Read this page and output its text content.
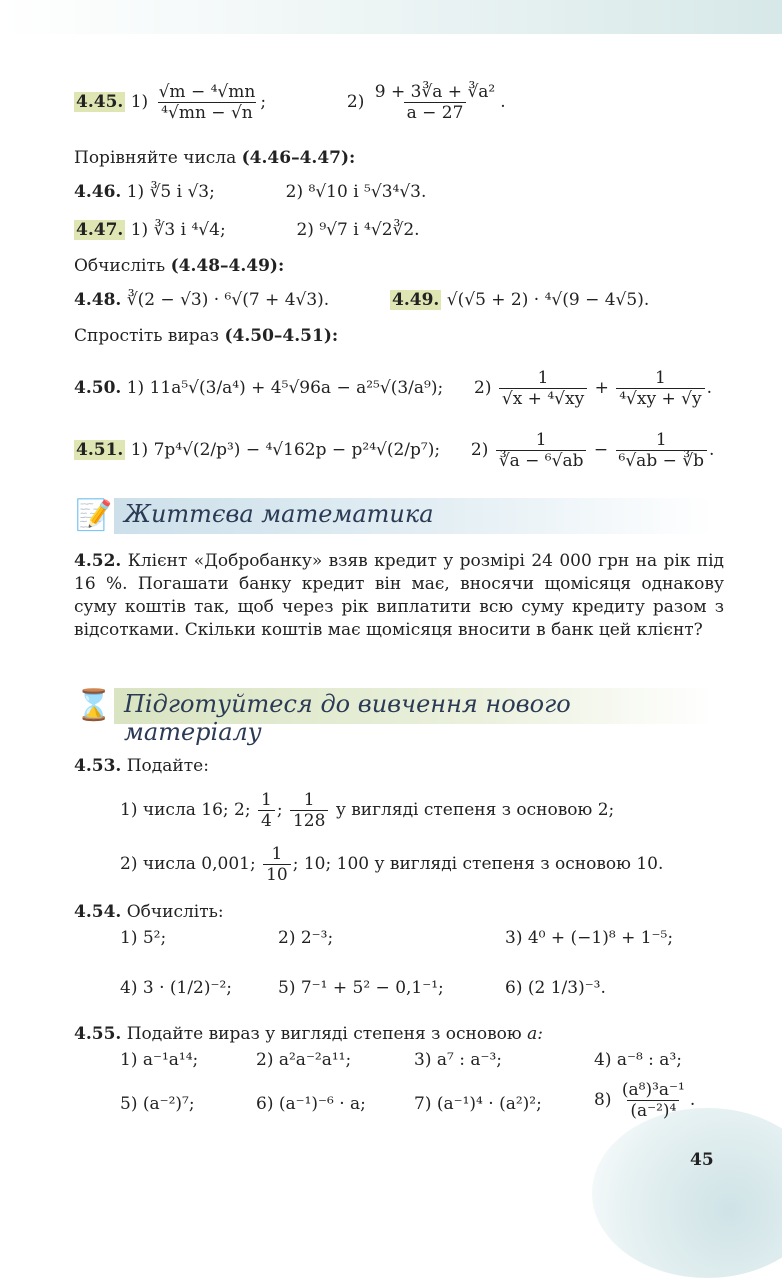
4.45. $1) \frac{\text{√m − ⁴√mn}}{\text{⁴√mn − √n}}$ ;	$2) \frac{\text{9 + 3∛a + ∛a²}}{a - 27}$ .
Порівняйте числа (4.46–4.47):
4.46. 1) ∛5 і √3;	2) ⁸√10 і ⁵√3⁴√3.
4.47. 1) ∛3 і ⁴√4;	2) ⁹√7 і ⁴√2∛2.
Обчисліть (4.48–4.49):
4.48. ∛(2 − √3) · ⁶√(7 + 4√3).	4.49. √(√5 + 2) · ⁴√(9 − 4√5).
Спростіть вираз (4.50–4.51):
4.50. 1) 11a⁵√(3/a⁴) + 4⁵√96a − a²⁵√(3/a⁹); $2) \frac{1}{\text{√x + ⁴√xy}} + \frac{1}{\text{⁴√xy + √y}}$ .
4.51. 1) 7p⁴√(2/p³) − ⁴√162p − p²⁴√(2/p⁷); $2) \frac{1}{\text{∛a − ⁶√ab}} - \frac{1}{\text{⁶√ab − ∛b}}$ .
📝 Життєва математика
4.52. Клієнт «Добробанку» взяв кредит у розмірі 24 000 грн на рік під 16 %. Погашати банку кредит він має, вносячи щомісяця однакову суму коштів так, щоб через рік виплатити всю суму кредиту разом з відсотками. Скільки коштів має щомісяця вносити в банк цей клієнт?
⌛ Підготуйтеся до вивчення нового матеріалу
4.53. Подайте:
1) числа 16; 2; $\frac{1}{4}$ ; $\frac{1}{128}$ у вигляді степеня з основою 2;
2) числа 0,001; $\frac{1}{10}$ ; 10; 100 у вигляді степеня з основою 10.
4.54. Обчисліть:
1) 5²;	2) 2⁻³;	3) 4⁰ + (−1)⁸ + 1⁻⁵;
4) 3 · (1/2)⁻²;	5) 7⁻¹ + 5² − 0,1⁻¹;	6) (2 1/3)⁻³.
4.55. Подайте вираз у вигляді степеня з основою a:
1) a⁻¹a¹⁴;	2) a²a⁻²a¹¹;	3) a⁷ : a⁻³;	4) a⁻⁸ : a³;
5) (a⁻²)⁷;	6) (a⁻¹)⁻⁶ · a;	7) (a⁻¹)⁴ · (a²)²;	$8) \frac{\text{(a⁸)³a⁻¹}}{\text{(a⁻²)⁴}}$ .
45
